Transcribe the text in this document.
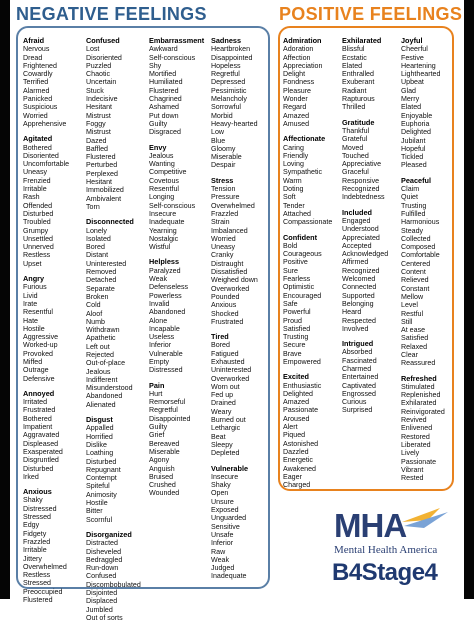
NEGATIVE FEELINGS	POSITIVE FEELINGS
Afraid
Nervous
Dread
Frightened
Cowardly
Terrified
Alarmed
Panicked
Suspicious
Worried
Apprehensive
Agitated
Bothered
Disoriented
Uncomfortable
Uneasy
Frenzied
Irritable
Rash
Offended
Disturbed
Troubled
Grumpy
Unsettled
Unnerved
Restless
Upset
Angry
Furious
Livid
Irate
Resentful
Hate
Hostile
Aggressive
Worked-up
Provoked
Miffed
Outrage
Defensive
Annoyed
Irritated
Frustrated
Bothered
Impatient
Aggravated
Displeased
Exasperated
Disgruntled
Disturbed
Irked
Anxious
Shaky
Distressed
Stressed
Edgy
Fidgety
Frazzled
Irritable
Jittery
Overwhelmed
Restless
Stressed
Preoccupied
Flustered
Confused
Lost
Disoriented
Puzzled
Chaotic
Uncertain
Stuck
Indecisive
Hesitant
Mistrust
Foggy
Mistrust
Dazed
Baffled
Flustered
Perturbed
Perplexed
Hesitant
Immobilized
Ambivalent
Torn
Disconnected
Lonely
Isolated
Bored
Distant
Uninterested
Removed
Detached
Separate
Broken
Cold
Aloof
Numb
Withdrawn
Apathetic
Left out
Rejected
Out-of-place
Jealous
Indifferent
Misunderstood
Abandoned
Alienated
Disgust
Appalled
Horrified
Dislike
Loathing
Disturbed
Repugnant
Contempt
Spiteful
Animosity
Hostile
Bitter
Scornful
Disorganized
Distracted
Disheveled
Bedraggled
Run-down
Confused
Discombobulated
Disjointed
Displaced
Jumbled
Out of sorts
Embarrassment
Awkward
Self-conscious
Shy
Mortified
Humiliated
Flustered
Chagrined
Ashamed
Put down
Guilty
Disgraced
Envy
Jealous
Wanting
Competitive
Covetous
Resentful
Longing
Self-conscious
Insecure
Inadequate
Yearning
Nostalgic
Wistful
Helpless
Paralyzed
Weak
Defenseless
Powerless
Invalid
Abandoned
Alone
Incapable
Useless
Inferior
Vulnerable
Empty
Distressed
Pain
Hurt
Remorseful
Regretful
Disappointed
Guilty
Grief
Bereaved
Miserable
Agony
Anguish
Bruised
Crushed
Wounded
Sadness
Heartbroken
Disappointed
Hopeless
Regretful
Depressed
Pessimistic
Melancholy
Sorrowful
Morbid
Heavy-hearted
Low
Blue
Gloomy
Miserable
Despair
Stress
Tension
Pressure
Overwhelmed
Frazzled
Strain
Imbalanced
Worried
Uneasy
Cranky
Distraught
Dissatisfied
Weighed down
Overworked
Pounded
Anxious
Shocked
Frustrated
Tired
Bored
Fatigued
Exhausted
Uninterested
Overworked
Worn out
Fed up
Drained
Weary
Burned out
Lethargic
Beat
Sleepy
Depleted
Vulnerable
Insecure
Shaky
Open
Unsure
Exposed
Unguarded
Sensitive
Unsafe
Inferior
Raw
Weak
Judged
Inadequate
Admiration
Adoration
Affection
Appreciation
Delight
Fondness
Pleasure
Wonder
Regard
Amazed
Amused
Affectionate
Caring
Friendly
Loving
Sympathetic
Warm
Doting
Soft
Tender
Attached
Compassionate
Confident
Bold
Courageous
Positive
Sure
Fearless
Optimistic
Encouraged
Safe
Powerful
Proud
Satisfied
Trusting
Secure
Brave
Empowered
Excited
Enthusiastic
Delighted
Amazed
Passionate
Aroused
Alert
Piqued
Astonished
Dazzled
Energetic
Awakened
Eager
Charged
Exhilarated
Blissful
Ecstatic
Elated
Enthralled
Exuberant
Radiant
Rapturous
Thrilled
Gratitude
Thankful
Grateful
Moved
Touched
Appreciative
Graceful
Responsive
Recognized
Indebtedness
Included
Engaged
Understood
Appreciated
Accepted
Acknowledged
Affirmed
Recognized
Welcomed
Connected
Supported
Belonging
Heard
Respected
Involved
Intrigued
Absorbed
Fascinated
Charmed
Entertained
Captivated
Engrossed
Curious
Surprised
Joyful
Cheerful
Festive
Heartening
Lighthearted
Upbeat
Glad
Merry
Elated
Enjoyable
Euphoria
Delighted
Jubilant
Hopeful
Tickled
Pleased
Peaceful
Claim
Quiet
Trusting
Fulfilled
Harmonious
Steady
Collected
Composed
Comfortable
Centered
Content
Relieved
Constant
Mellow
Level
Restful
Still
At ease
Satisfied
Relaxed
Clear
Reassured
Refreshed
Stimulated
Replenished
Exhilarated
Reinvigorated
Revived
Enlivened
Restored
Liberated
Lively
Passionate
Vibrant
Rested
MHA
Mental Health America
B4Stage4
